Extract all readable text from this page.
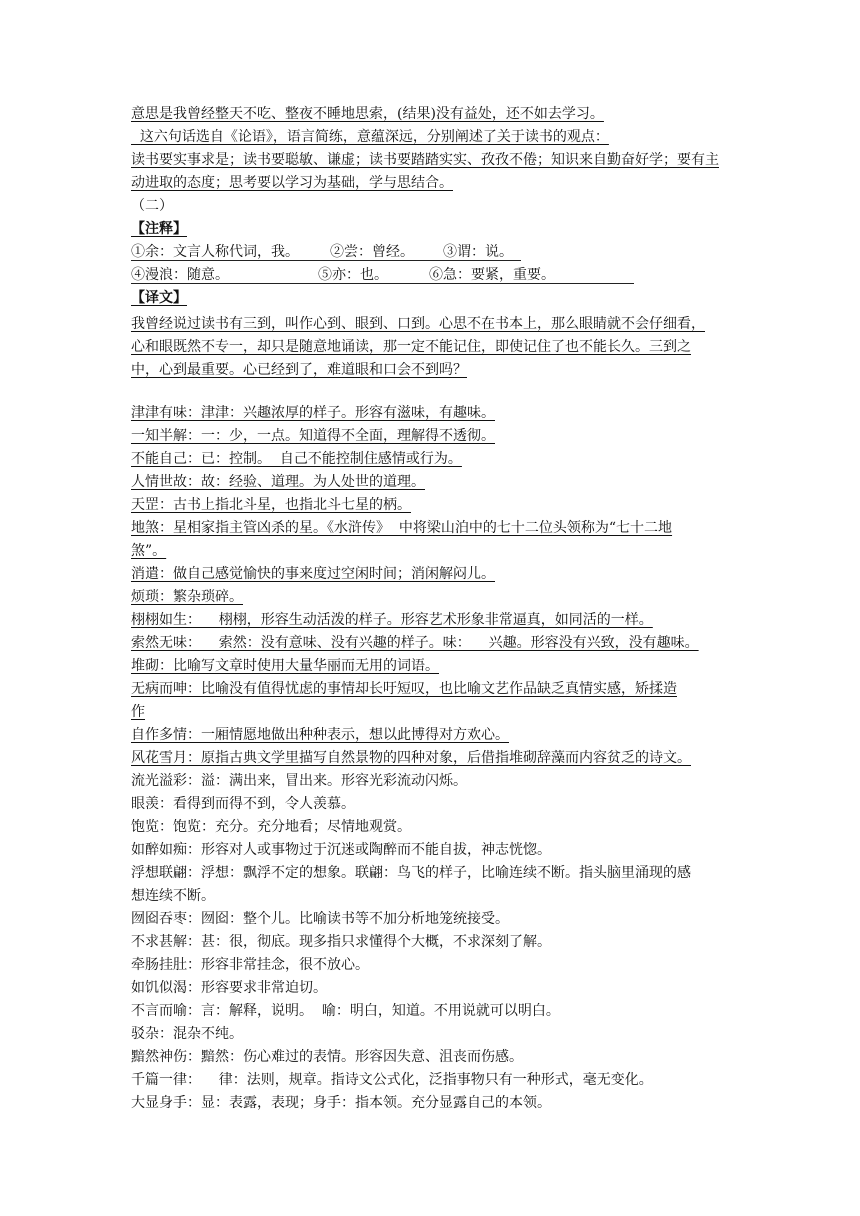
意思是我曾经整天不吃、整夜不睡地思索，(结果)没有益处，还不如去学习。
这六句话选自《论语》，语言简练，意蕴深远，分别阐述了关于读书的观点：
读书要实事求是；读书要聪敏、谦虚；读书要踏踏实实、孜孜不倦；知识来自勤奋好学；要有主
动进取的态度；思考要以学习为基础，学与思结合。
（二）
【注释】
①余：文言人称代词，我。 ②尝：曾经。 ③谓：说。
④漫浪：随意。	⑤亦：也。	⑥急：要紧，重要。
【译文】
我曾经说过读书有三到，叫作心到、眼到、口到。心思不在书本上，那么眼睛就不会仔细看，
心和眼既然不专一，却只是随意地诵读，那一定不能记住，即使记住了也不能长久。三到之
中，心到最重要。心已经到了，难道眼和口会不到吗？
津津有味：津津：兴趣浓厚的样子。形容有滋味，有趣味。
一知半解：一：少，一点。知道得不全面，理解得不透彻。
不能自己：已：控制。  自己不能控制住感情或行为。
人情世故：故：经验、道理。为人处世的道理。
天罡：古书上指北斗星，也指北斗七星的柄。
地煞：星相家指主管凶杀的星。《水浒传》  中将梁山泊中的七十二位头领称为“七十二地
煞”。
消遣：做自己感觉愉快的事来度过空闲时间；消闲解闷儿。
烦琐：繁杂琐碎。
栩栩如生：    栩栩，形容生动活泼的样子。形容艺术形象非常逼真，如同活的一样。
索然无味：    索然：没有意味、没有兴趣的样子。味：    兴趣。形容没有兴致，没有趣味。
堆砌：比喻写文章时使用大量华丽而无用的词语。
无病而呻：比喻没有值得忧虑的事情却长吁短叹，也比喻文艺作品缺乏真情实感，矫揉造
作
自作多情：一厢情愿地做出种种表示，想以此博得对方欢心。
风花雪月：原指古典文学里描写自然景物的四种对象，后借指堆砌辞藻而内容贫乏的诗文。
流光溢彩：溢：满出来，冒出来。形容光彩流动闪烁。
眼羡：看得到而得不到，令人羡慕。
饱览：饱览：充分。充分地看；尽情地观赏。
如醉如痴：形容对人或事物过于沉迷或陶醉而不能自拔，神志恍惚。
浮想联翩：浮想：飘浮不定的想象。联翩：鸟飞的样子，比喻连续不断。指头脑里涌现的感
想连续不断。
囫囵吞枣：囫囵：整个儿。比喻读书等不加分析地笼统接受。
不求甚解：甚：很，彻底。现多指只求懂得个大概，不求深刻了解。
牵肠挂肚：形容非常挂念，很不放心。
如饥似渴：形容要求非常迫切。
不言而喻：言：解释，说明。  喻：明白，知道。不用说就可以明白。
驳杂：混杂不纯。
黯然神伤：黯然：伤心难过的表情。形容因失意、沮丧而伤感。
千篇一律：    律：法则，规章。指诗文公式化，泛指事物只有一种形式，毫无变化。
大显身手：显：表露，表现；身手：指本领。充分显露自己的本领。
